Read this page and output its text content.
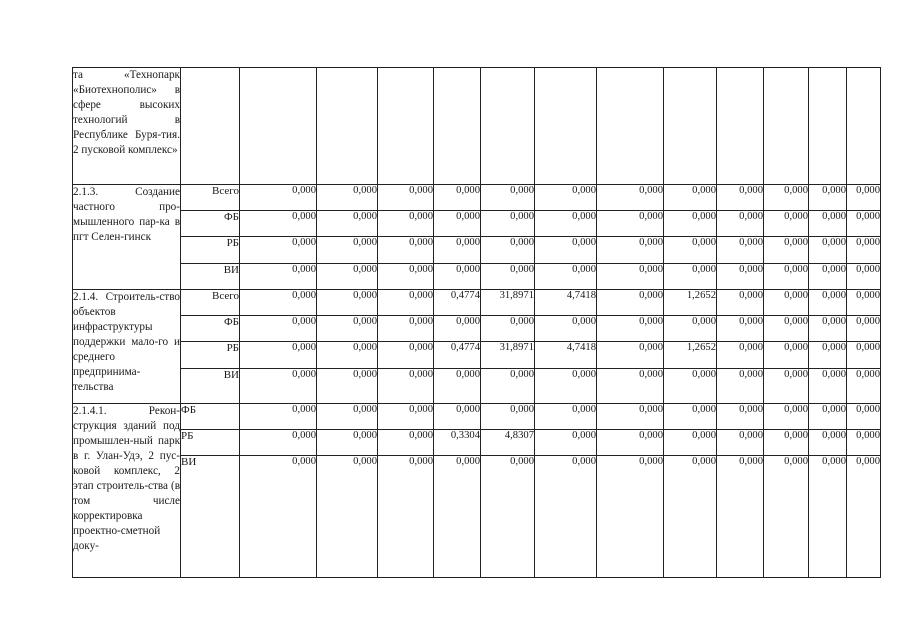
та «Технопарк «Биотехнополис» в сфере высоких технологий в Республике Буря-тия. 2 пусковой комплекс»													
2.1.3. Создание частного про-мышленного пар-ка в пгт Селен-гинск	Всего	0,000	0,000	0,000	0,000	0,000	0,000	0,000	0,000	0,000	0,000	0,000	0,000
	ФБ	0,000	0,000	0,000	0,000	0,000	0,000	0,000	0,000	0,000	0,000	0,000	0,000
	РБ	0,000	0,000	0,000	0,000	0,000	0,000	0,000	0,000	0,000	0,000	0,000	0,000
	ВИ	0,000	0,000	0,000	0,000	0,000	0,000	0,000	0,000	0,000	0,000	0,000	0,000
2.1.4. Строитель-ство объектов инфраструктуры поддержки мало-го и среднего предпринима-тельства	Всего	0,000	0,000	0,000	0,4774	31,8971	4,7418	0,000	1,2652	0,000	0,000	0,000	0,000
	ФБ	0,000	0,000	0,000	0,000	0,000	0,000	0,000	0,000	0,000	0,000	0,000	0,000
	РБ	0,000	0,000	0,000	0,4774	31,8971	4,7418	0,000	1,2652	0,000	0,000	0,000	0,000
	ВИ	0,000	0,000	0,000	0,000	0,000	0,000	0,000	0,000	0,000	0,000	0,000	0,000
2.1.4.1. Рекон-струкция зданий под промышлен-ный парк в г. Улан-Удэ, 2 пус-ковой комплекс, 2 этап строитель-ства (в том числе корректировка проектно-сметной доку-	ФБ	0,000	0,000	0,000	0,000	0,000	0,000	0,000	0,000	0,000	0,000	0,000	0,000
	РБ	0,000	0,000	0,000	0,3304	4,8307	0,000	0,000	0,000	0,000	0,000	0,000	0,000
	ВИ	0,000	0,000	0,000	0,000	0,000	0,000	0,000	0,000	0,000	0,000	0,000	0,000
